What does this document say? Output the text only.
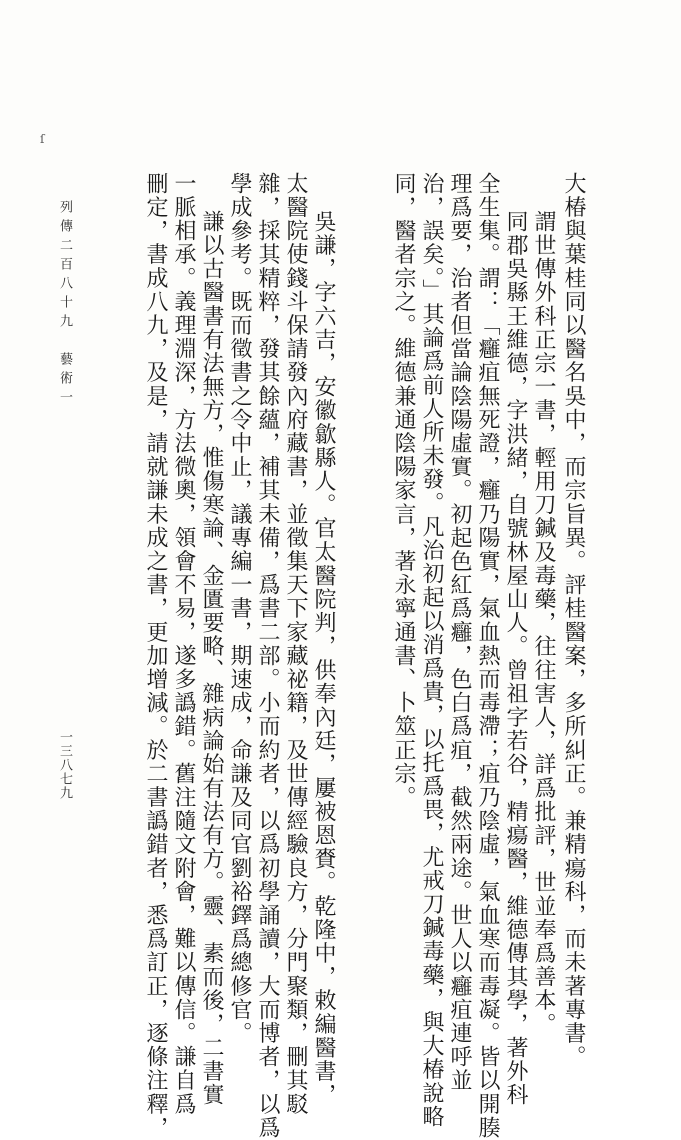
大椿與葉桂同以醫名吳中，而宗旨異。評桂醫案，多所糾正。兼精瘍科，而未著專書。
謂世傳外科正宗一書，輕用刀鍼及毒藥，往往害人，詳爲批評，世並奉爲善本。
同郡吳縣王維德，字洪緒，自號林屋山人。曾祖字若谷，精瘍醫，維德傳其學，著外科
全生集。謂：「癰疽無死證，癰乃陽實，氣血熱而毒滯；疽乃陰虛，氣血寒而毒凝。皆以開腠
理爲要，治者但當論陰陽虛實。初起色紅爲癰，色白爲疽，截然兩途。世人以癰疽連呼並
治，誤矣。」其論爲前人所未發。凡治初起以消爲貴，以托爲畏，尤戒刀鍼毒藥，與大椿說略
同，醫者宗之。維德兼通陰陽家言，著永寧通書、卜筮正宗。
吳謙，字六吉，安徽歙縣人。官太醫院判，供奉內廷，屢被恩賚。乾隆中，敕編醫書，
太醫院使錢斗保請發內府藏書，並徵集天下家藏祕籍，及世傳經驗良方，分門聚類，刪其駁
雜，採其精粹，發其餘蘊，補其未備，爲書二部。小而約者，以爲初學誦讀，大而博者，以爲
學成參考。既而徵書之令中止，議專編一書，期速成，命謙及同官劉裕鐸爲總修官。
謙以古醫書有法無方，惟傷寒論、金匱要略、雜病論始有法有方。靈、素而後，二書實
一脈相承。義理淵深，方法微奧，領會不易，遂多譌錯。舊注隨文附會，難以傳信。謙自爲
刪定，書成八九，及是，請就謙未成之書，更加增減。於二書譌錯者，悉爲訂正，逐條注釋，
列傳二百八十九　藝術一
一三八七九
ſ
